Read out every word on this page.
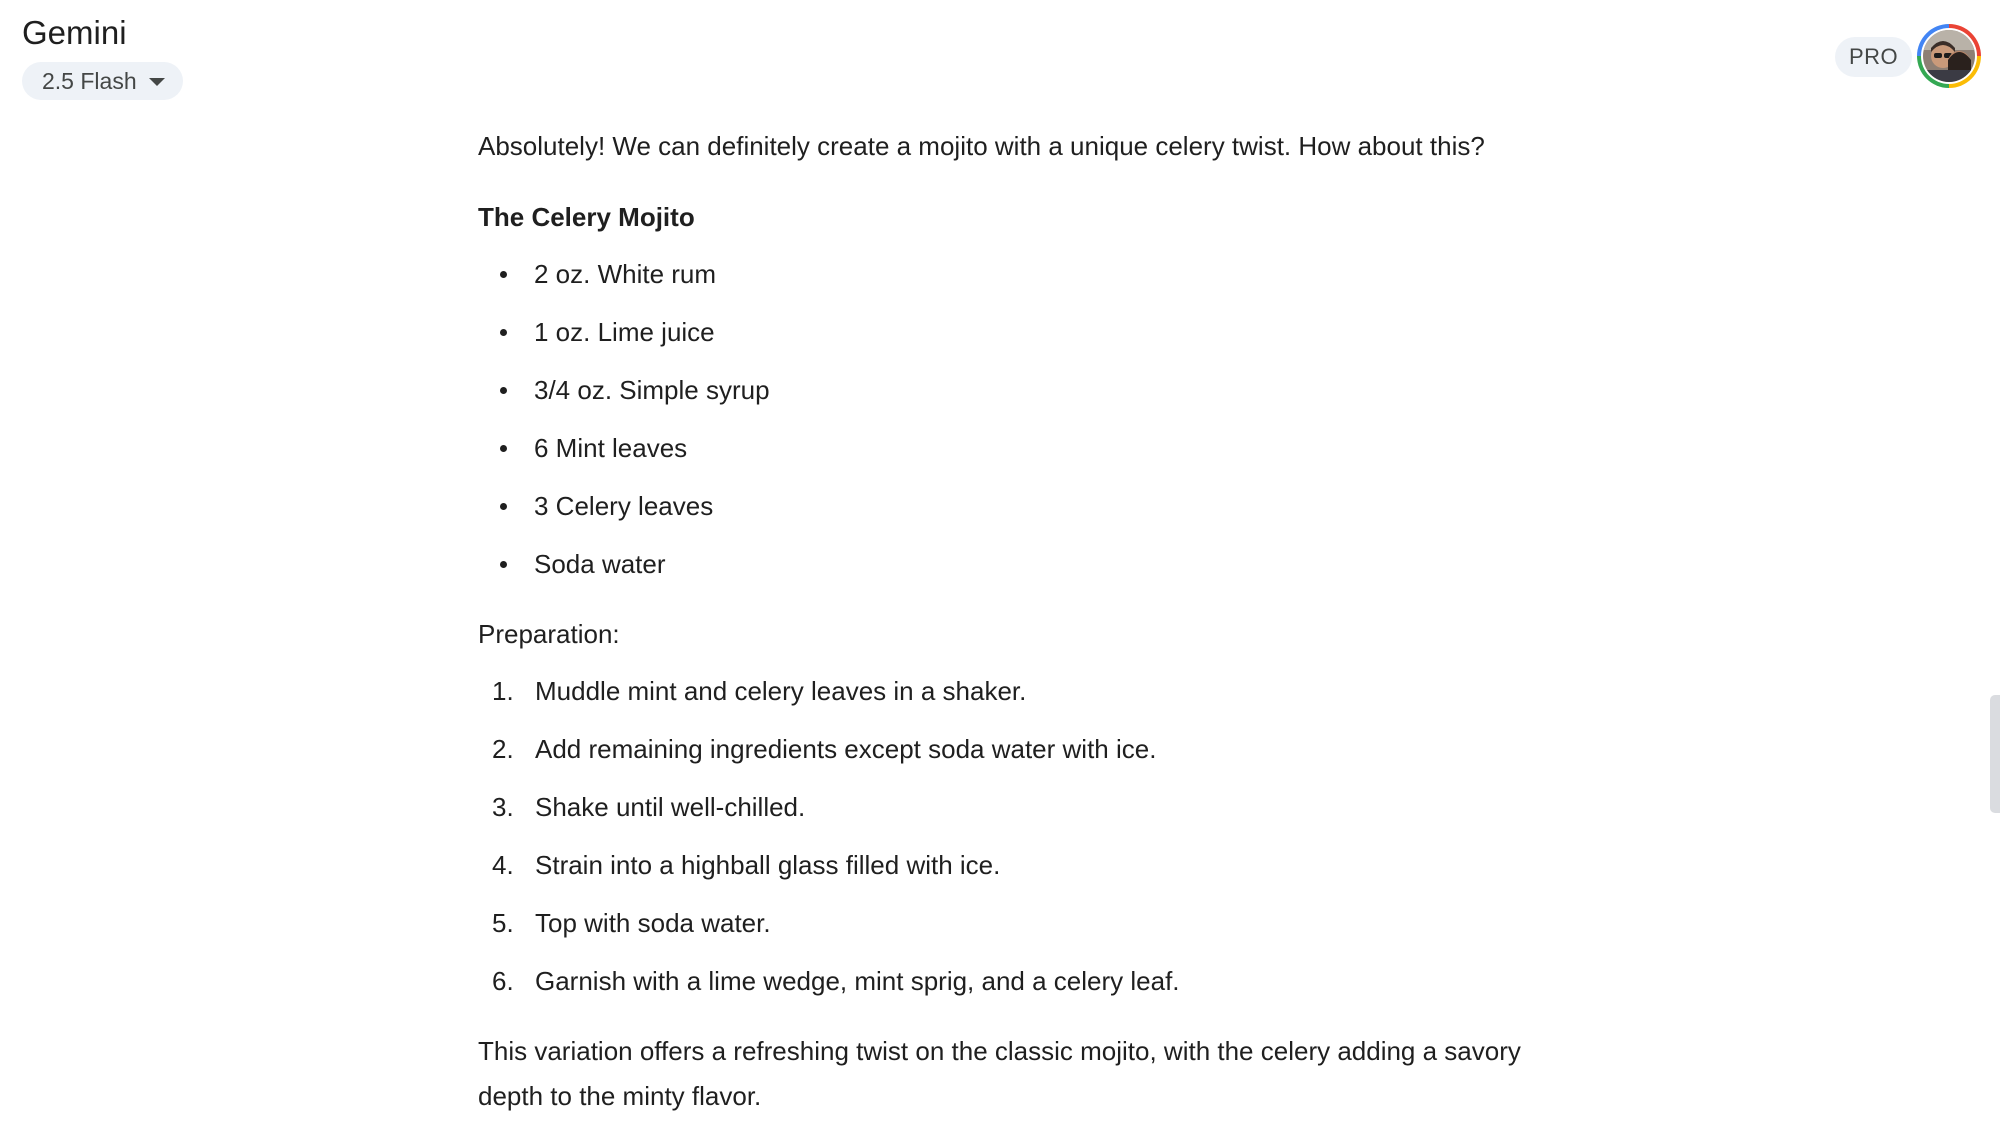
Gemini
2.5 Flash
PRO

Absolutely! We can definitely create a mojito with a unique celery twist. How about this?

The Celery Mojito

2 oz. White rum
1 oz. Lime juice
3/4 oz. Simple syrup
6 Mint leaves
3 Celery leaves
Soda water

Preparation:

1. Muddle mint and celery leaves in a shaker.
2. Add remaining ingredients except soda water with ice.
3. Shake until well-chilled.
4. Strain into a highball glass filled with ice.
5. Top with soda water.
6. Garnish with a lime wedge, mint sprig, and a celery leaf.

This variation offers a refreshing twist on the classic mojito, with the celery adding a savory depth to the minty flavor.
